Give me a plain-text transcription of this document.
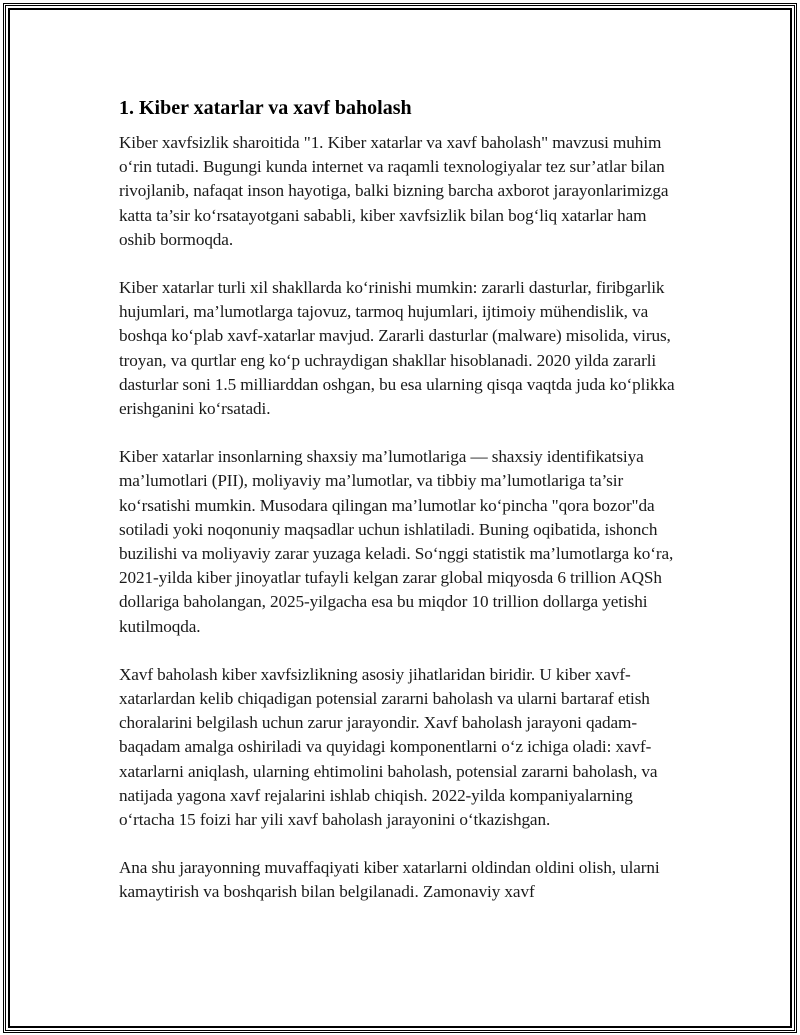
1. Kiber xatarlar va xavf baholash

Kiber xavfsizlik sharoitida "1. Kiber xatarlar va xavf baholash" mavzusi muhim o‘rin tutadi. Bugungi kunda internet va raqamli texnologiyalar tez sur’atlar bilan rivojlanib, nafaqat inson hayotiga, balki bizning barcha axborot jarayonlarimizga katta ta’sir ko‘rsatayotgani sababli, kiber xavfsizlik bilan bog‘liq xatarlar ham oshib bormoqda.

Kiber xatarlar turli xil shakllarda ko‘rinishi mumkin: zararli dasturlar, firibgarlik hujumlari, ma’lumotlarga tajovuz, tarmoq hujumlari, ijtimoiy mühendislik, va boshqa ko‘plab xavf-xatarlar mavjud. Zararli dasturlar (malware) misolida, virus, troyan, va qurtlar eng ko‘p uchraydigan shakllar hisoblanadi. 2020 yilda zararli dasturlar soni 1.5 milliarddan oshgan, bu esa ularning qisqa vaqtda juda ko‘plikka erishganini ko‘rsatadi.

Kiber xatarlar insonlarning shaxsiy ma’lumotlariga — shaxsiy identifikatsiya ma’lumotlari (PII), moliyaviy ma’lumotlar, va tibbiy ma’lumotlariga ta’sir ko‘rsatishi mumkin. Musodara qilingan ma’lumotlar ko‘pincha "qora bozor"da sotiladi yoki noqonuniy maqsadlar uchun ishlatiladi. Buning oqibatida, ishonch buzilishi va moliyaviy zarar yuzaga keladi. So‘nggi statistik ma’lumotlarga ko‘ra, 2021-yilda kiber jinoyatlar tufayli kelgan zarar global miqyosda 6 trillion AQSh dollariga baholangan, 2025-yilgacha esa bu miqdor 10 trillion dollarga yetishi kutilmoqda.

Xavf baholash kiber xavfsizlikning asosiy jihatlaridan biridir. U kiber xavf-xatarlardan kelib chiqadigan potensial zararni baholash va ularni bartaraf etish choralarini belgilash uchun zarur jarayondir. Xavf baholash jarayoni qadam-baqadam amalga oshiriladi va quyidagi komponentlarni o‘z ichiga oladi: xavf-xatarlarni aniqlash, ularning ehtimolini baholash, potensial zararni baholash, va natijada yagona xavf rejalarini ishlab chiqish. 2022-yilda kompaniyalarning o‘rtacha 15 foizi har yili xavf baholash jarayonini o‘tkazishgan.

Ana shu jarayonning muvaffaqiyati kiber xatarlarni oldindan oldini olish, ularni kamaytirish va boshqarish bilan belgilanadi. Zamonaviy xavf
